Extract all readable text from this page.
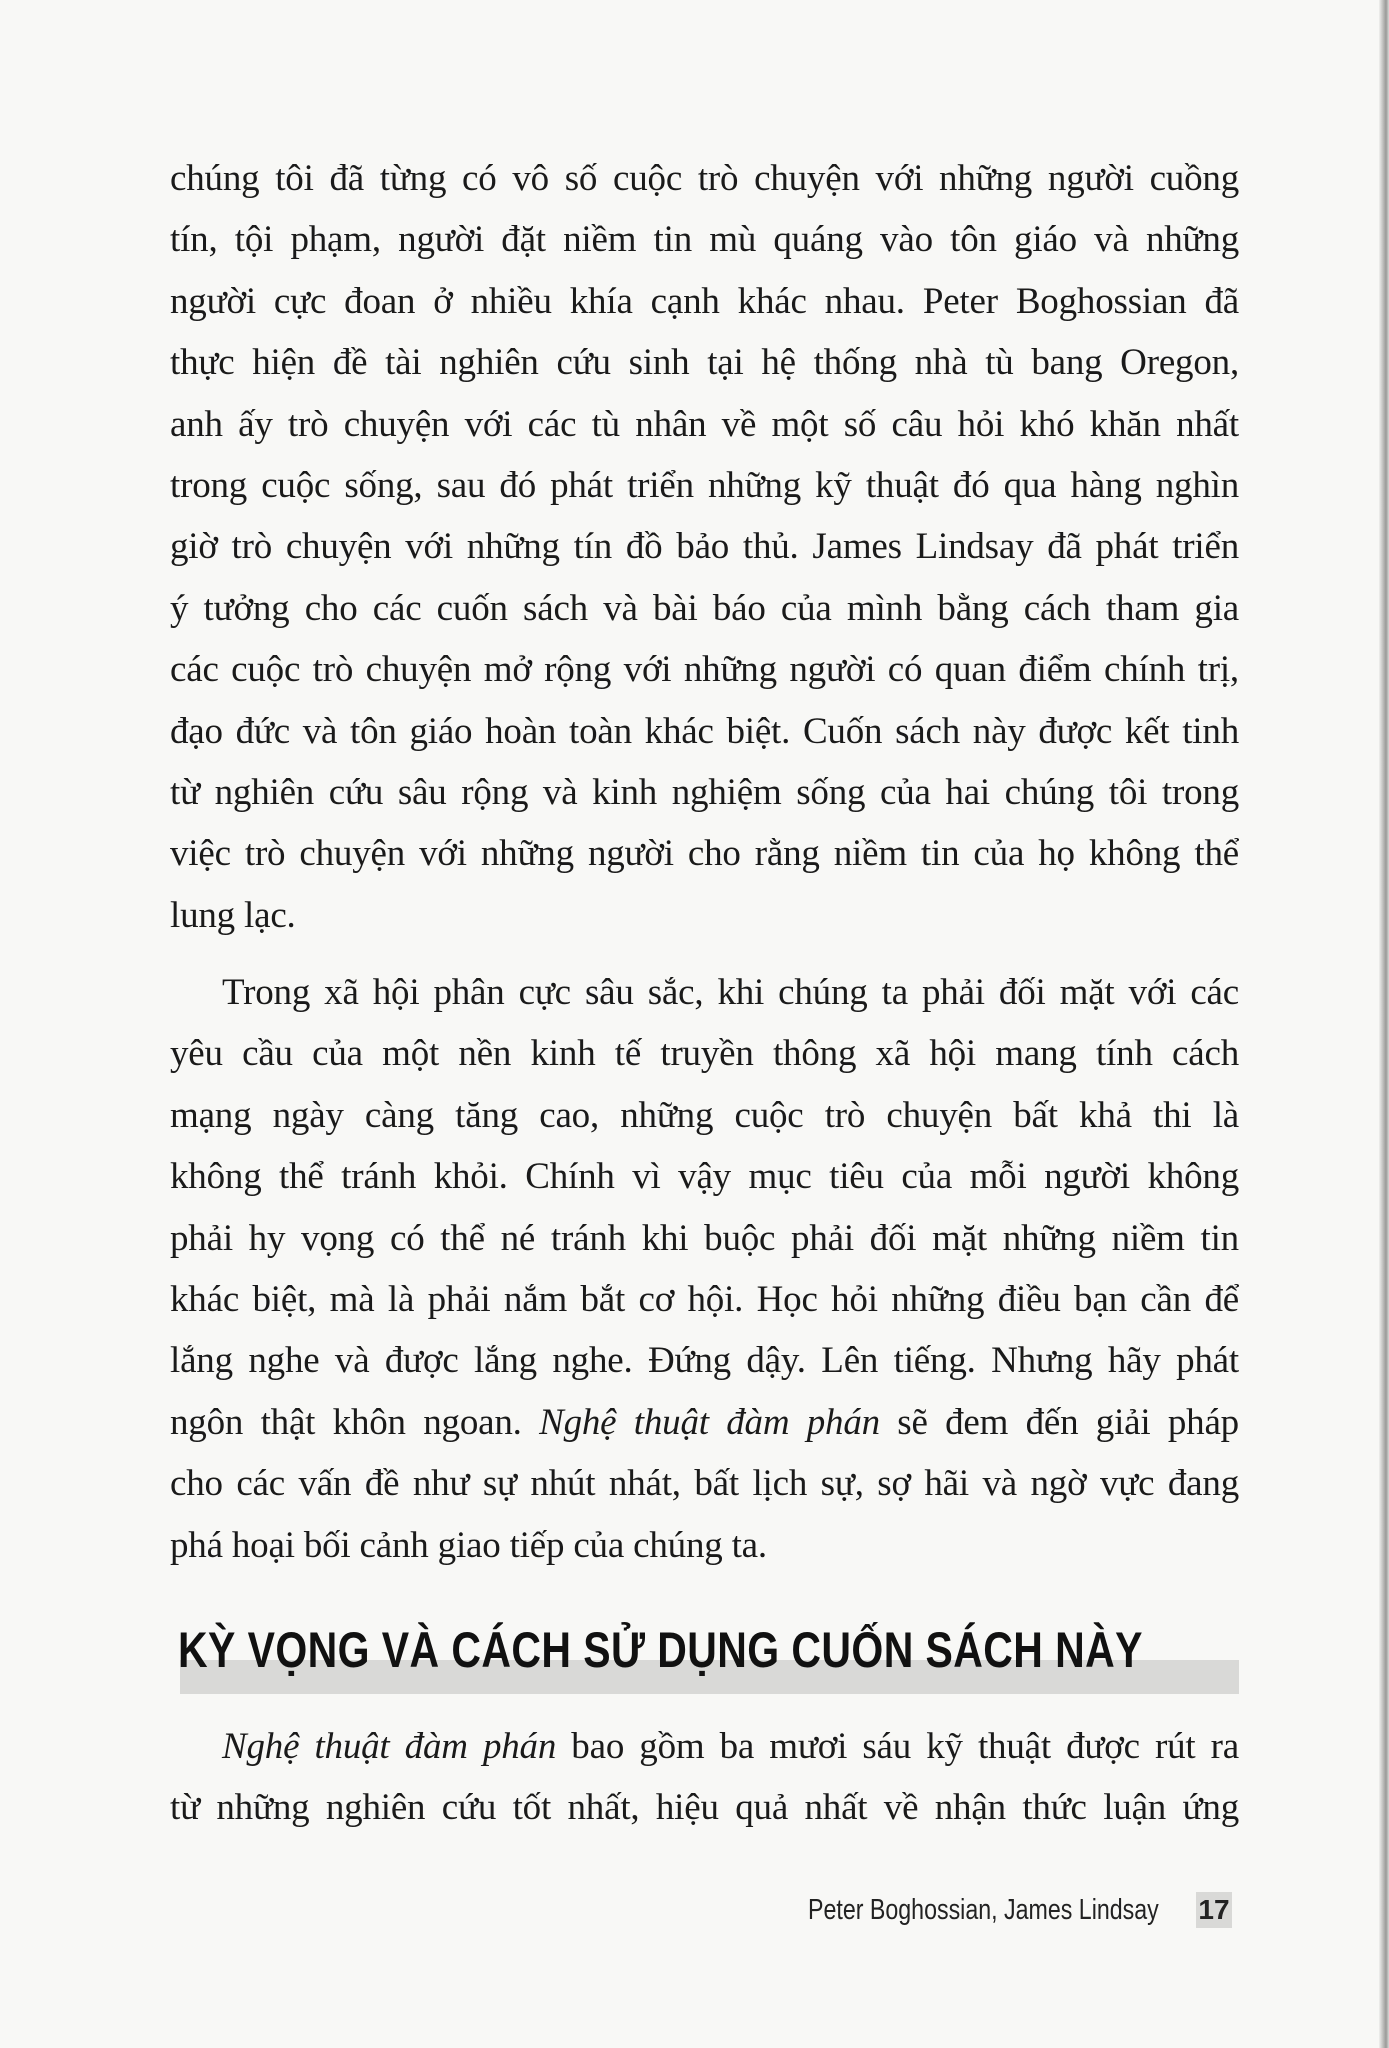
chúng tôi đã từng có vô số cuộc trò chuyện với những người cuồng
tín, tội phạm, người đặt niềm tin mù quáng vào tôn giáo và những
người cực đoan ở nhiều khía cạnh khác nhau. Peter Boghossian đã
thực hiện đề tài nghiên cứu sinh tại hệ thống nhà tù bang Oregon,
anh ấy trò chuyện với các tù nhân về một số câu hỏi khó khăn nhất
trong cuộc sống, sau đó phát triển những kỹ thuật đó qua hàng nghìn
giờ trò chuyện với những tín đồ bảo thủ. James Lindsay đã phát triển
ý tưởng cho các cuốn sách và bài báo của mình bằng cách tham gia
các cuộc trò chuyện mở rộng với những người có quan điểm chính trị,
đạo đức và tôn giáo hoàn toàn khác biệt. Cuốn sách này được kết tinh
từ nghiên cứu sâu rộng và kinh nghiệm sống của hai chúng tôi trong
việc trò chuyện với những người cho rằng niềm tin của họ không thể
lung lạc.
Trong xã hội phân cực sâu sắc, khi chúng ta phải đối mặt với các
yêu cầu của một nền kinh tế truyền thông xã hội mang tính cách
mạng ngày càng tăng cao, những cuộc trò chuyện bất khả thi là
không thể tránh khỏi. Chính vì vậy mục tiêu của mỗi người không
phải hy vọng có thể né tránh khi buộc phải đối mặt những niềm tin
khác biệt, mà là phải nắm bắt cơ hội. Học hỏi những điều bạn cần để
lắng nghe và được lắng nghe. Đứng dậy. Lên tiếng. Nhưng hãy phát
ngôn thật khôn ngoan. Nghệ thuật đàm phán sẽ đem đến giải pháp
cho các vấn đề như sự nhút nhát, bất lịch sự, sợ hãi và ngờ vực đang
phá hoại bối cảnh giao tiếp của chúng ta.
KỲ VỌNG VÀ CÁCH SỬ DỤNG CUỐN SÁCH NÀY
Nghệ thuật đàm phán bao gồm ba mươi sáu kỹ thuật được rút ra
từ những nghiên cứu tốt nhất, hiệu quả nhất về nhận thức luận ứng
Peter Boghossian, James Lindsay 17
